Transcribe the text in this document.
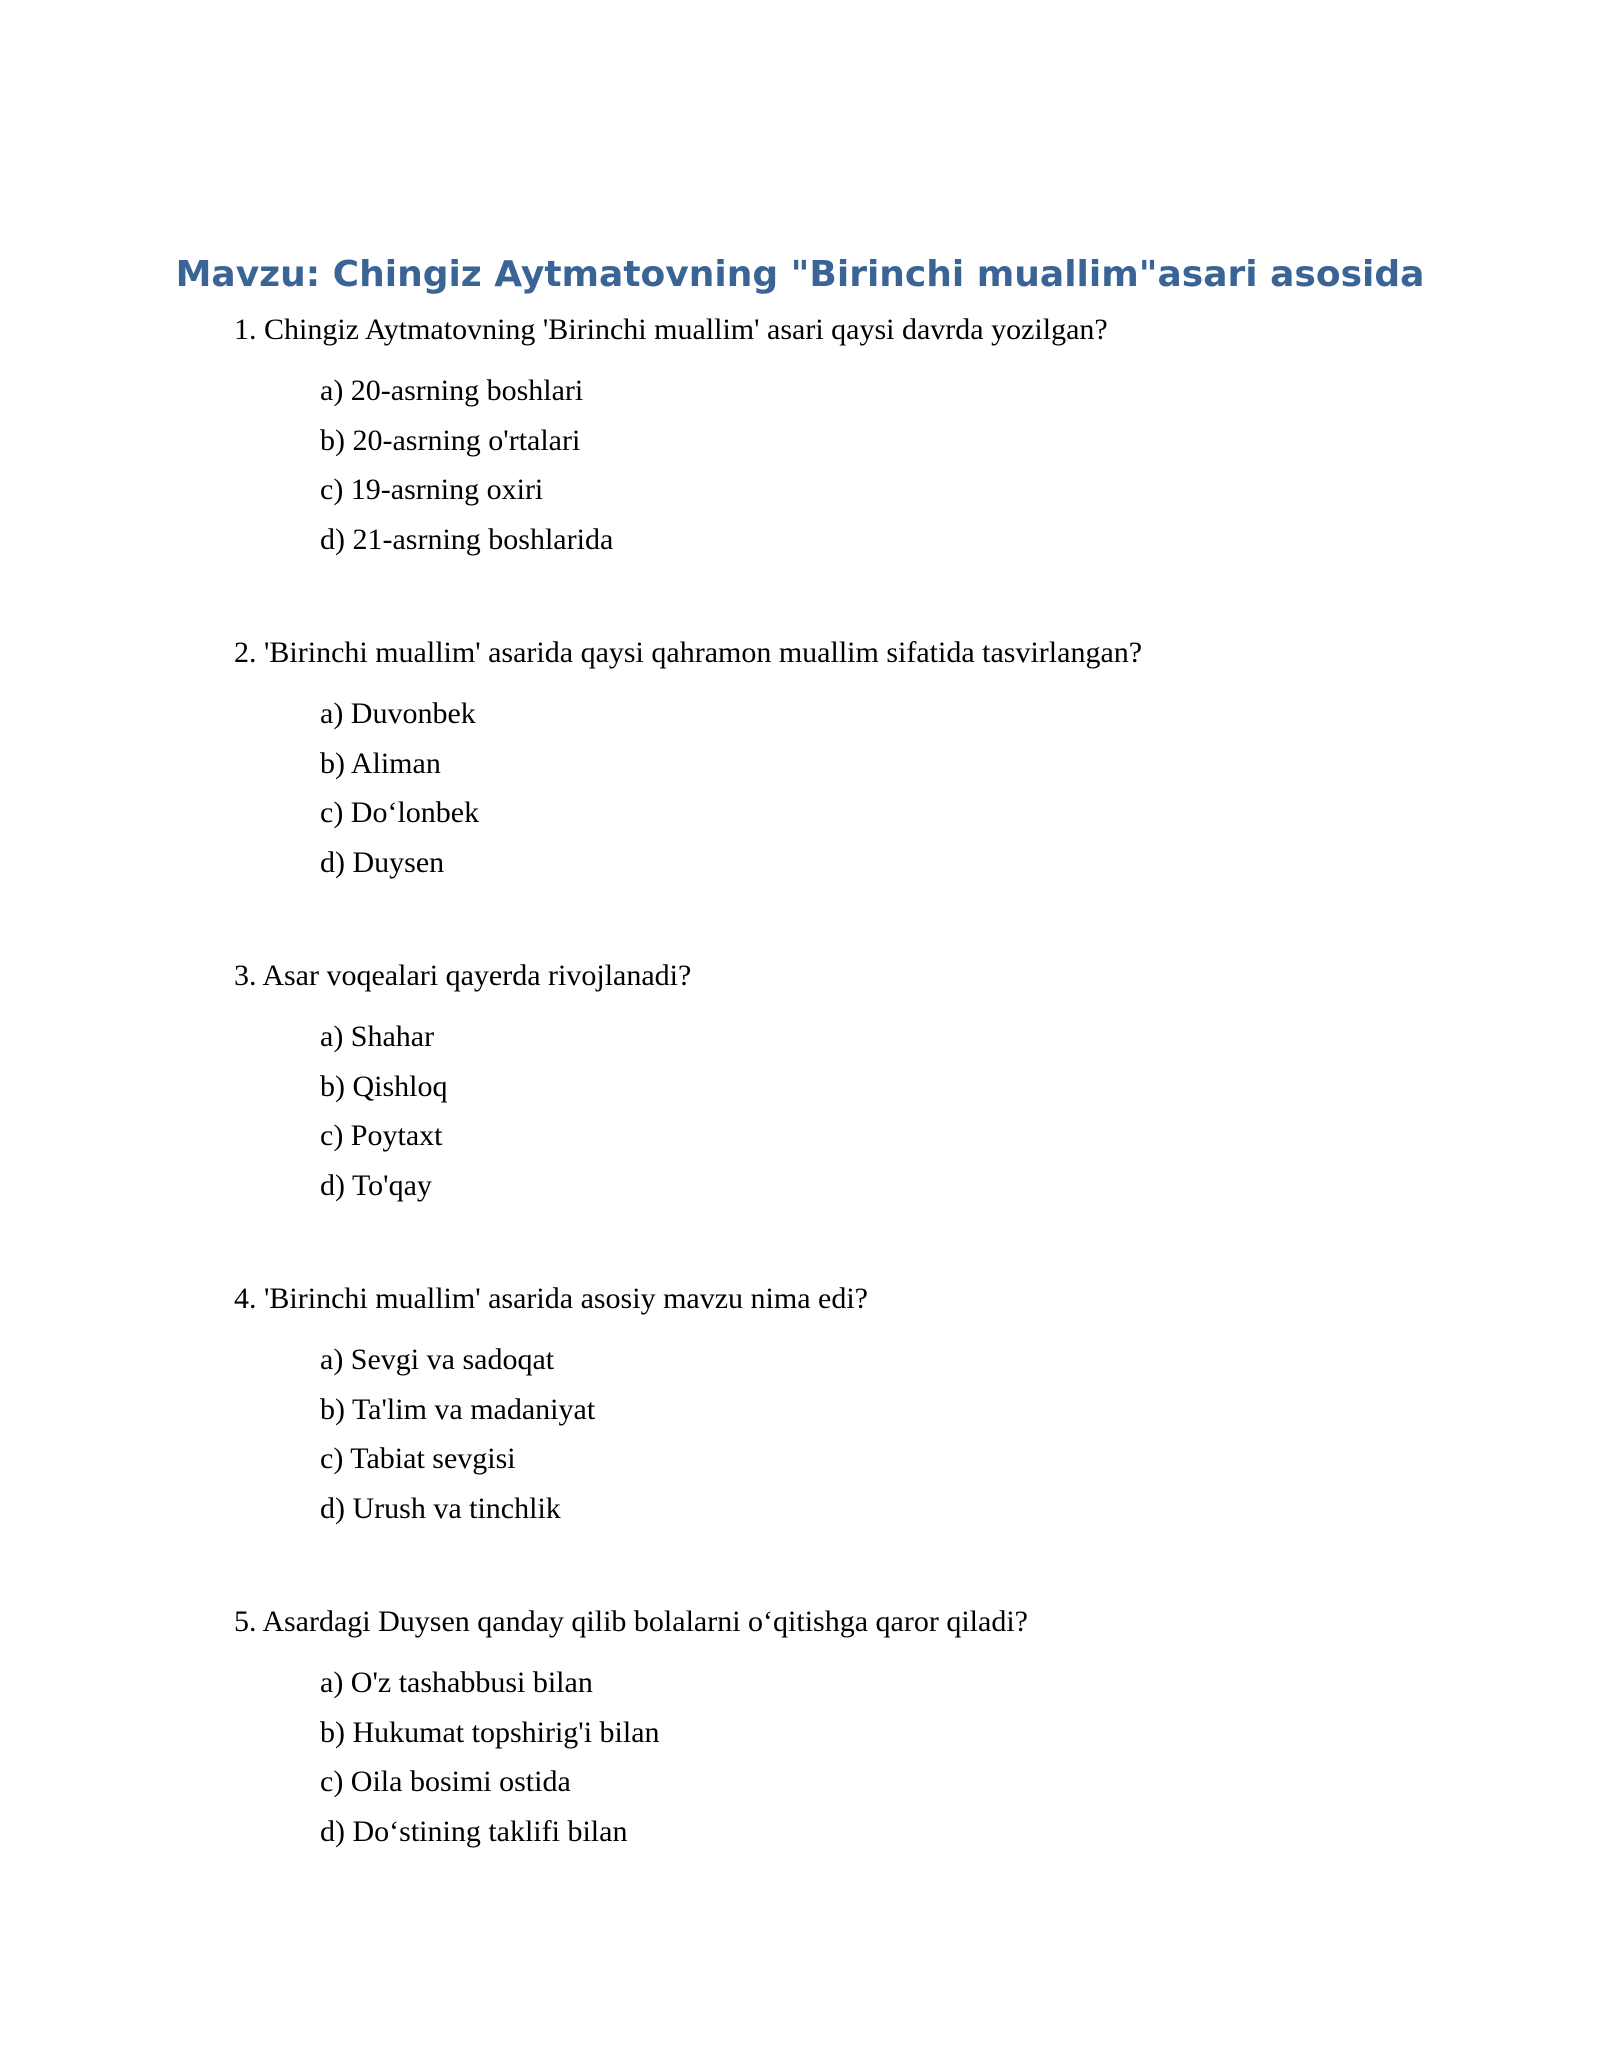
Mavzu: Chingiz Aytmatovning "Birinchi muallim"asari asosida
1. Chingiz Aytmatovning 'Birinchi muallim' asari qaysi davrda yozilgan?
a) 20-asrning boshlari
b) 20-asrning o'rtalari
c) 19-asrning oxiri
d) 21-asrning boshlarida
2. 'Birinchi muallim' asarida qaysi qahramon muallim sifatida tasvirlangan?
a) Duvonbek
b) Aliman
c) Do‘lonbek
d) Duysen
3. Asar voqealari qayerda rivojlanadi?
a) Shahar
b) Qishloq
c) Poytaxt
d) To'qay
4. 'Birinchi muallim' asarida asosiy mavzu nima edi?
a) Sevgi va sadoqat
b) Ta'lim va madaniyat
c) Tabiat sevgisi
d) Urush va tinchlik
5. Asardagi Duysen qanday qilib bolalarni o‘qitishga qaror qiladi?
a) O'z tashabbusi bilan
b) Hukumat topshirig'i bilan
c) Oila bosimi ostida
d) Do‘stining taklifi bilan
